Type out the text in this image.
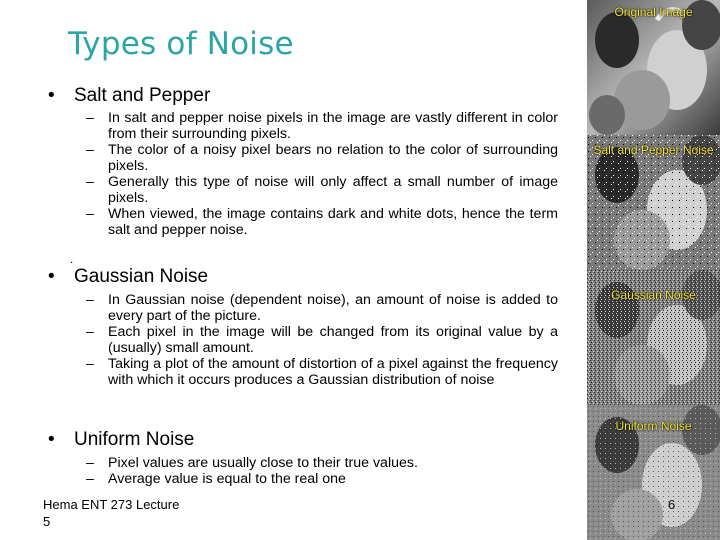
Types of Noise
• Salt and Pepper
– In salt and pepper noise pixels in the image are vastly different in color from their surrounding pixels.
– The color of a noisy pixel bears no relation to the color of surrounding pixels.
– Generally this type of noise will only affect a small number of image pixels.
– When viewed, the image contains dark and white dots, hence the term salt and pepper noise.
.
• Gaussian Noise
– In Gaussian noise (dependent noise), an amount of noise is added to every part of the picture.
– Each pixel in the image will be changed from its original value by a (usually) small amount.
– Taking a plot of the amount of distortion of a pixel against the frequency with which it occurs produces a Gaussian distribution of noise
• Uniform Noise
– Pixel values are usually close to their true values.
– Average value is equal to the real one
Hema ENT 273 Lecture
5
Original Image
Salt and Pepper Noise
Gaussian Noise
Uniform Noise
6
